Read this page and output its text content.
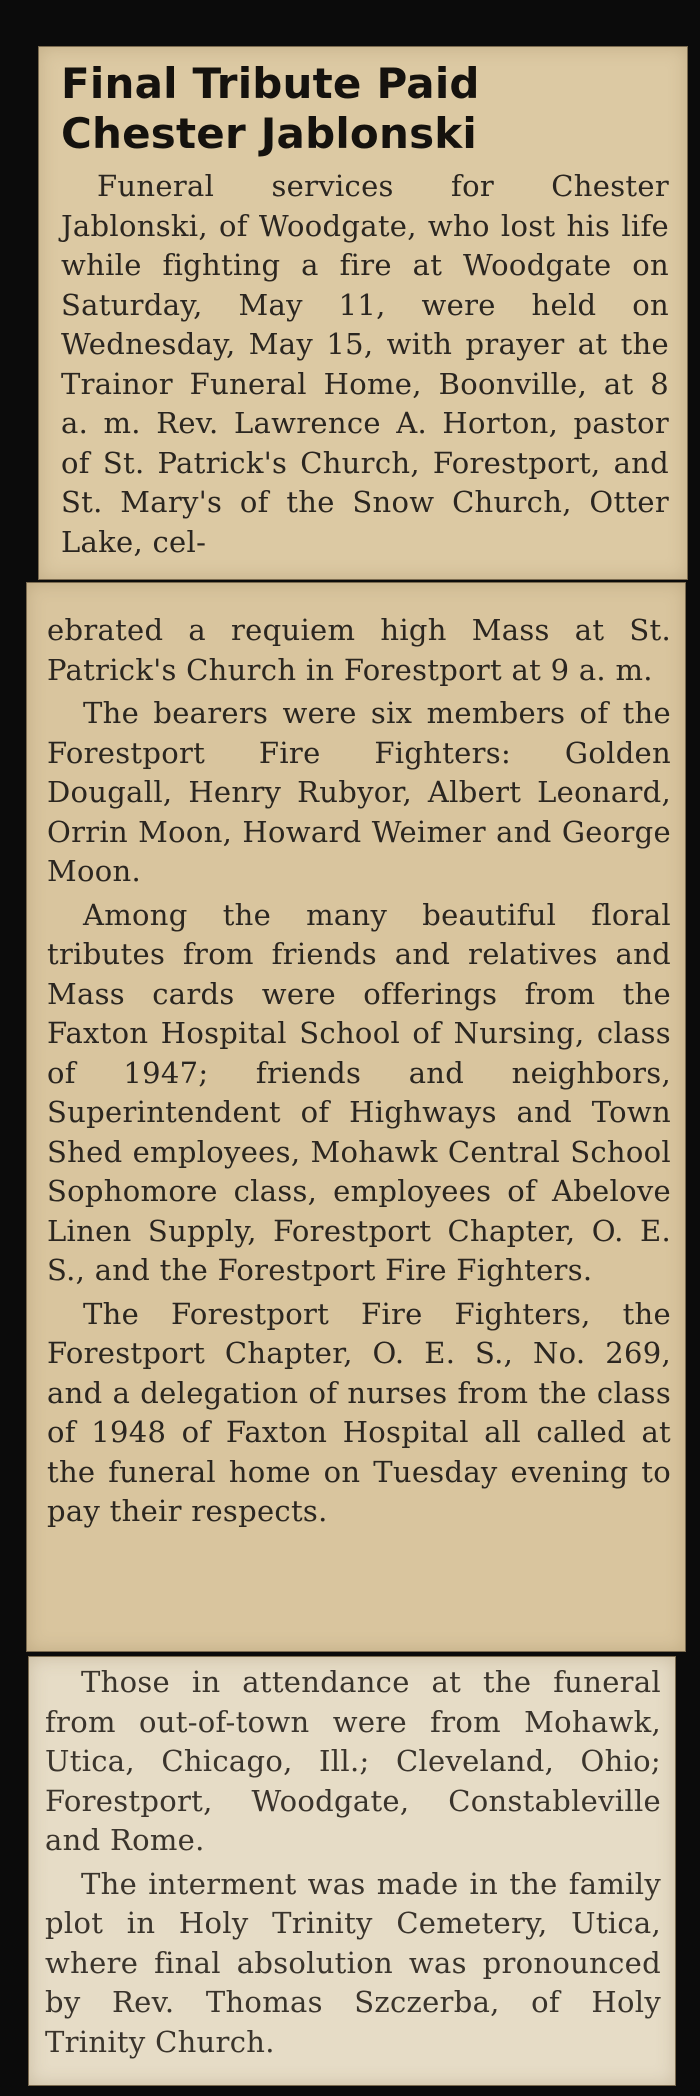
Final Tribute Paid
Chester Jablonski

Funeral services for Chester Jablonski, of Woodgate, who lost his life while fighting a fire at Woodgate on Saturday, May 11, were held on Wednesday, May 15, with prayer at the Trainor Funeral Home, Boonville, at 8 a. m. Rev. Lawrence A. Horton, pastor of St. Patrick's Church, Forestport, and St. Mary's of the Snow Church, Otter Lake, cel-

ebrated a requiem high Mass at St. Patrick's Church in Forestport at 9 a. m.

The bearers were six members of the Forestport Fire Fighters: Golden Dougall, Henry Rubyor, Albert Leonard, Orrin Moon, Howard Weimer and George Moon.

Among the many beautiful floral tributes from friends and relatives and Mass cards were offerings from the Faxton Hospital School of Nursing, class of 1947; friends and neighbors, Superintendent of Highways and Town Shed employees, Mohawk Central School Sophomore class, employees of Abelove Linen Supply, Forestport Chapter, O. E. S., and the Forestport Fire Fighters.

The Forestport Fire Fighters, the Forestport Chapter, O. E. S., No. 269, and a delegation of nurses from the class of 1948 of Faxton Hospital all called at the funeral home on Tuesday evening to pay their respects.

Those in attendance at the funeral from out-of-town were from Mohawk, Utica, Chicago, Ill.; Cleveland, Ohio; Forestport, Woodgate, Constableville and Rome.

The interment was made in the family plot in Holy Trinity Cemetery, Utica, where final absolution was pronounced by Rev. Thomas Szczerba, of Holy Trinity Church.
